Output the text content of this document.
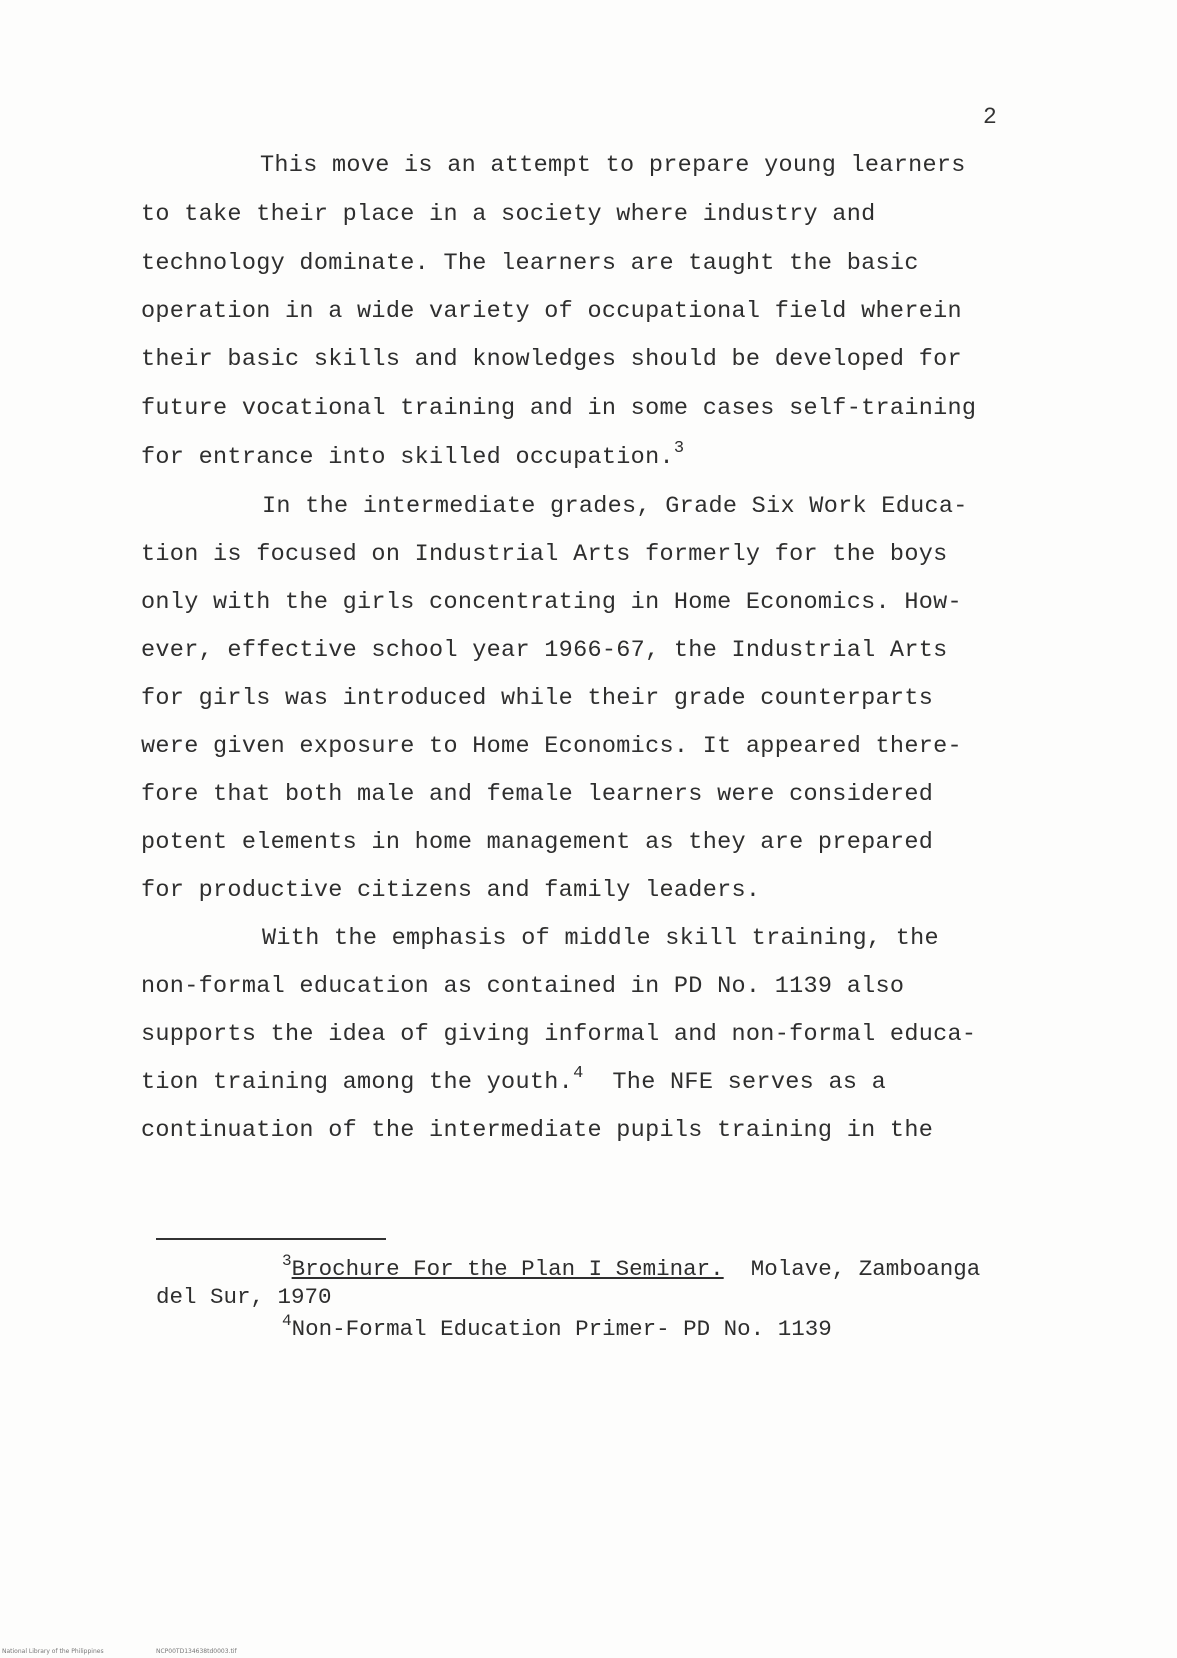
2
This move is an attempt to prepare young learners
to take their place in a society where industry and
technology dominate. The learners are taught the basic
operation in a wide variety of occupational field wherein
their basic skills and knowledges should be developed for
future vocational training and in some cases self-training
for entrance into skilled occupation.$^3$
In the intermediate grades, Grade Six Work Educa-
tion is focused on Industrial Arts formerly for the boys
only with the girls concentrating in Home Economics. How-
ever, effective school year 1966-67, the Industrial Arts
for girls was introduced while their grade counterparts
were given exposure to Home Economics. It appeared there-
fore that both male and female learners were considered
potent elements in home management as they are prepared
for productive citizens and family leaders.
With the emphasis of middle skill training, the
non-formal education as contained in PD No. 1139 also
supports the idea of giving informal and non-formal educa-
tion training among the youth.$^4$ The NFE serves as a
continuation of the intermediate pupils training in the
$^3$Brochure For the Plan I Seminar. Molave, Zamboanga
del Sur, 1970
$^4$Non-Formal Education Primer- PD No. 1139
National Library of the Philippines	NCP00TD134638td0003.tif
